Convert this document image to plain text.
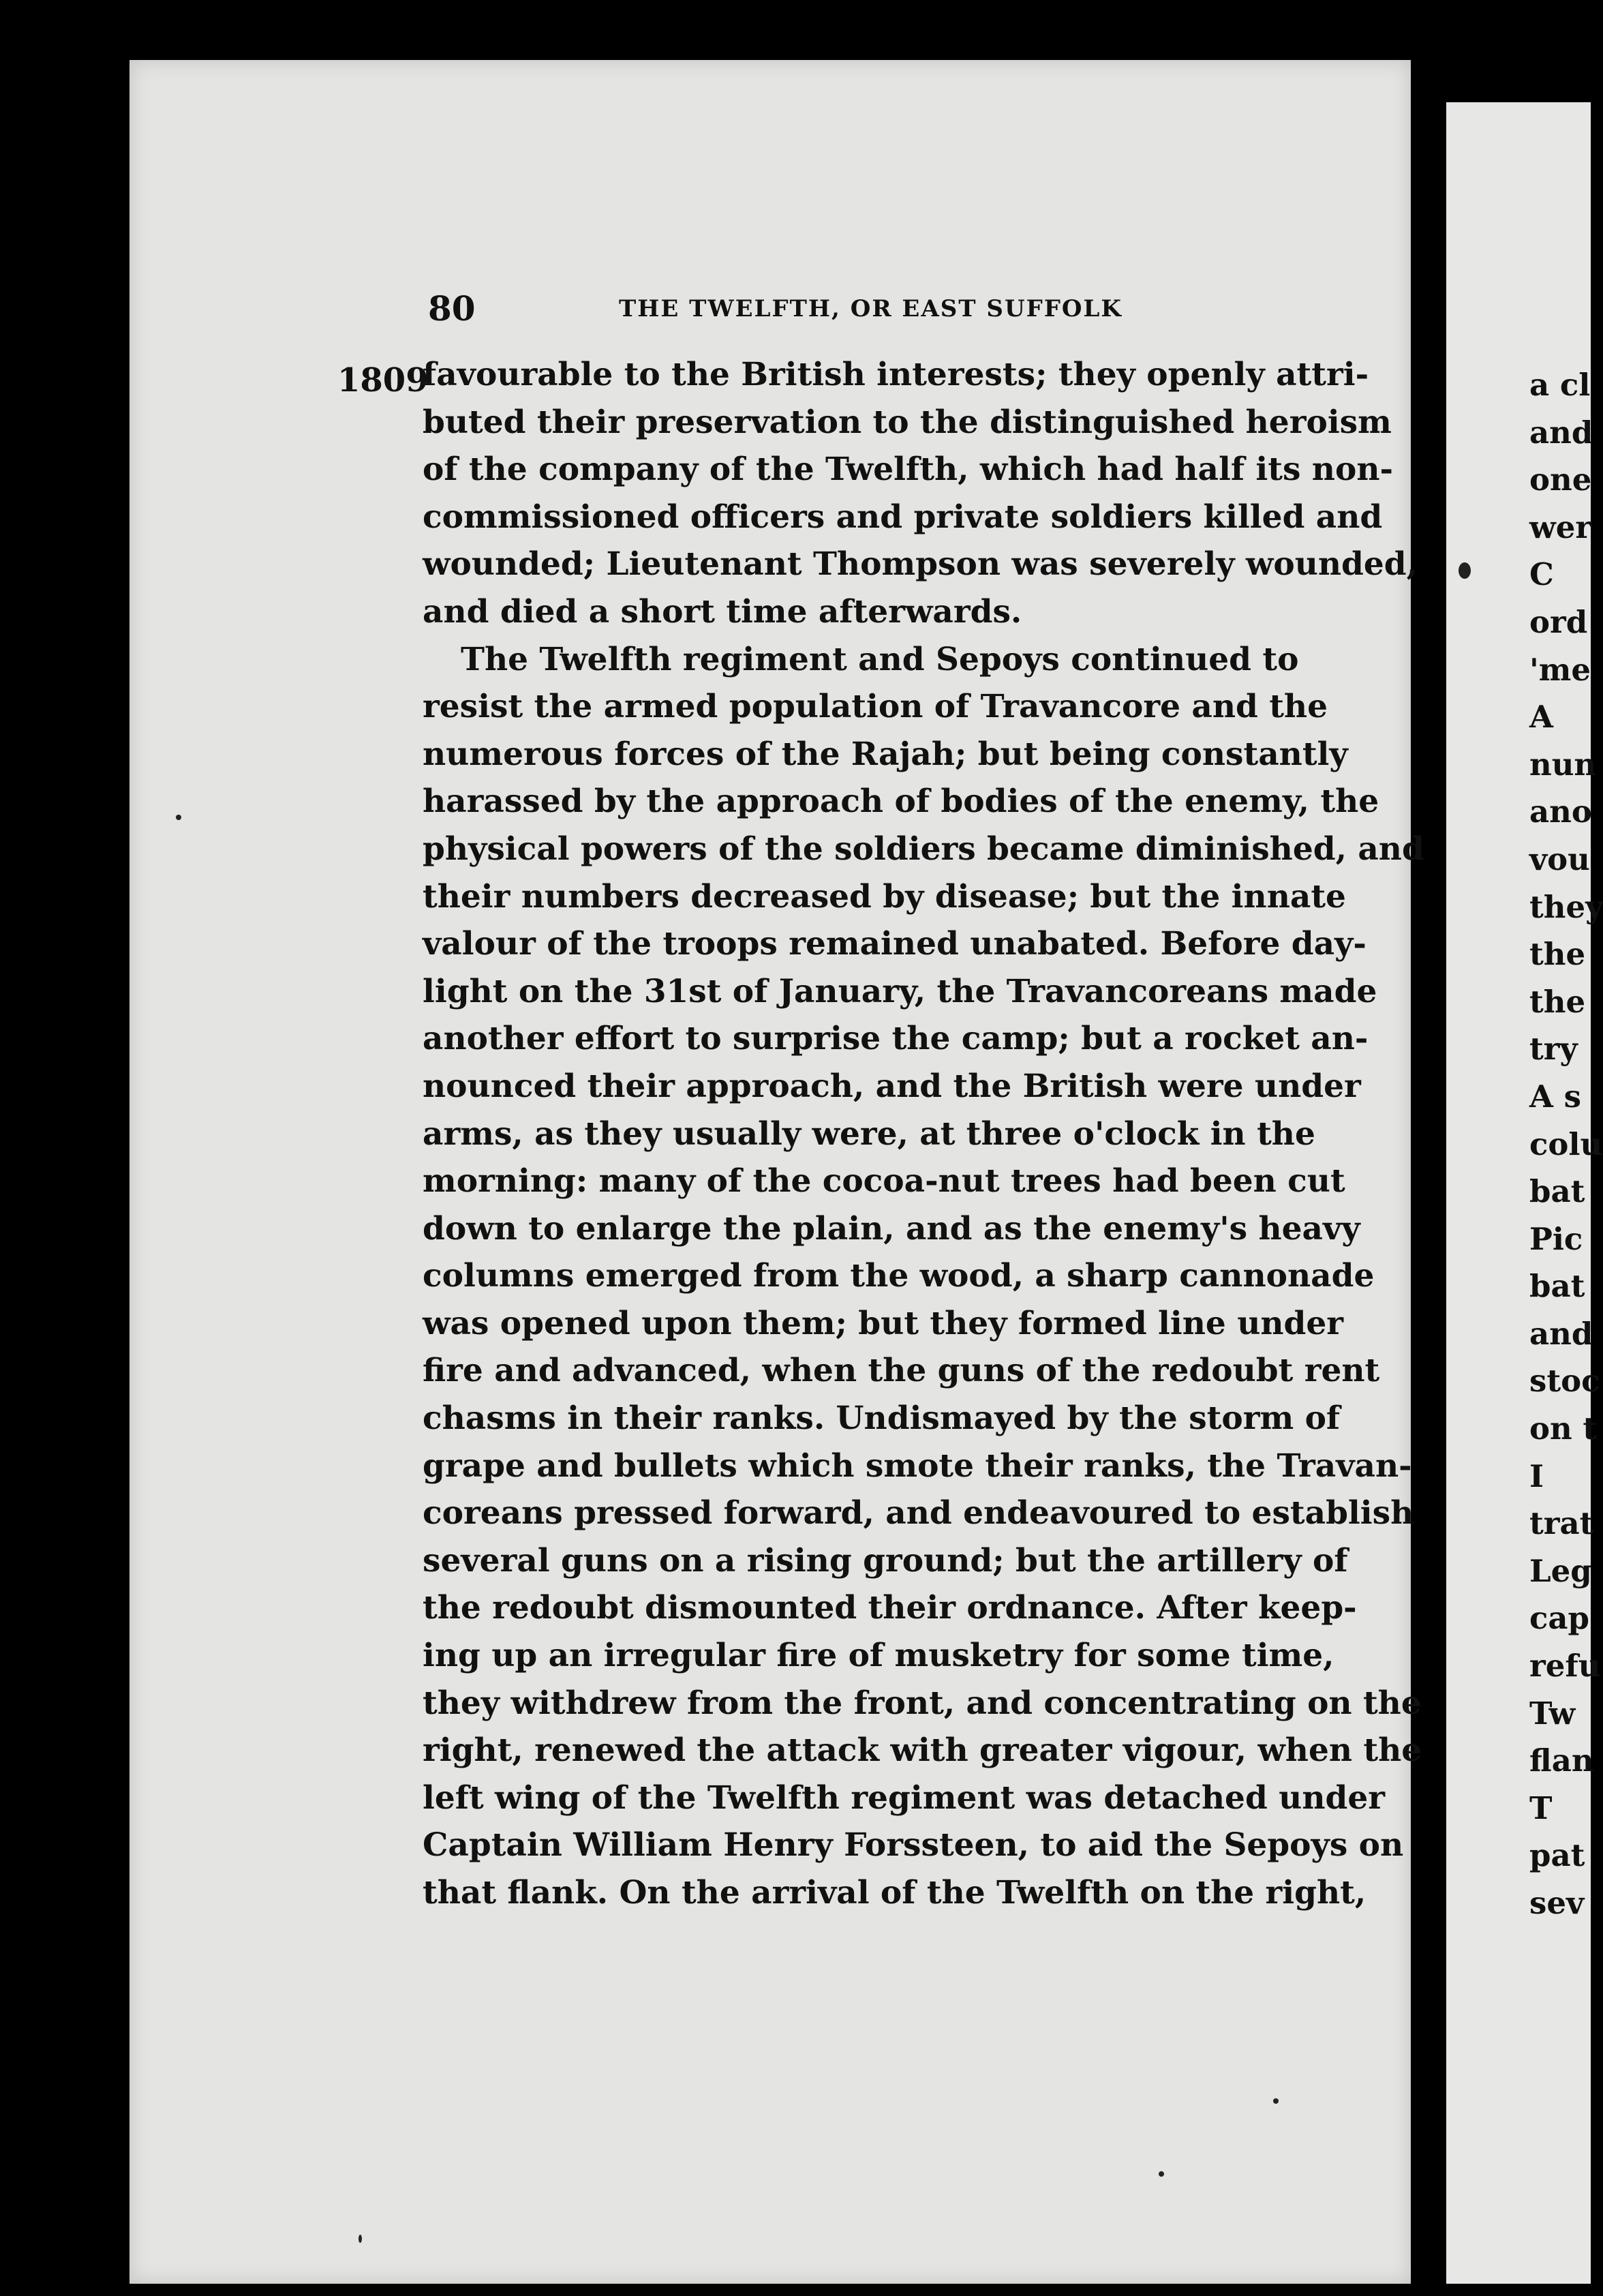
80	THE TWELFTH, OR EAST SUFFOLK
1809
favourable to the British interests; they openly attri-
buted their preservation to the distinguished heroism
of the company of the Twelfth, which had half its non-
commissioned officers and private soldiers killed and
wounded; Lieutenant Thompson was severely wounded,
and died a short time afterwards.
The Twelfth regiment and Sepoys continued to
resist the armed population of Travancore and the
numerous forces of the Rajah; but being constantly
harassed by the approach of bodies of the enemy, the
physical powers of the soldiers became diminished, and
their numbers decreased by disease; but the innate
valour of the troops remained unabated. Before day-
light on the 31st of January, the Travancoreans made
another effort to surprise the camp; but a rocket an-
nounced their approach, and the British were under
arms, as they usually were, at three o'clock in the
morning: many of the cocoa-nut trees had been cut
down to enlarge the plain, and as the enemy's heavy
columns emerged from the wood, a sharp cannonade
was opened upon them; but they formed line under
fire and advanced, when the guns of the redoubt rent
chasms in their ranks. Undismayed by the storm of
grape and bullets which smote their ranks, the Travan-
coreans pressed forward, and endeavoured to establish
several guns on a rising ground; but the artillery of
the redoubt dismounted their ordnance. After keep-
ing up an irregular fire of musketry for some time,
they withdrew from the front, and concentrating on the
right, renewed the attack with greater vigour, when the
left wing of the Twelfth regiment was detached under
Captain William Henry Forssteen, to aid the Sepoys on
that flank. On the arrival of the Twelfth on the right,
a cl
and
one
wer
C
ord
'me
A
nun
ano
vou
they
the
the
try
A s
colu
bat
Pic
bat
and
stoc
on t
I
trat
Leg
cap
refu
Tw
flan
T
pat
sev
